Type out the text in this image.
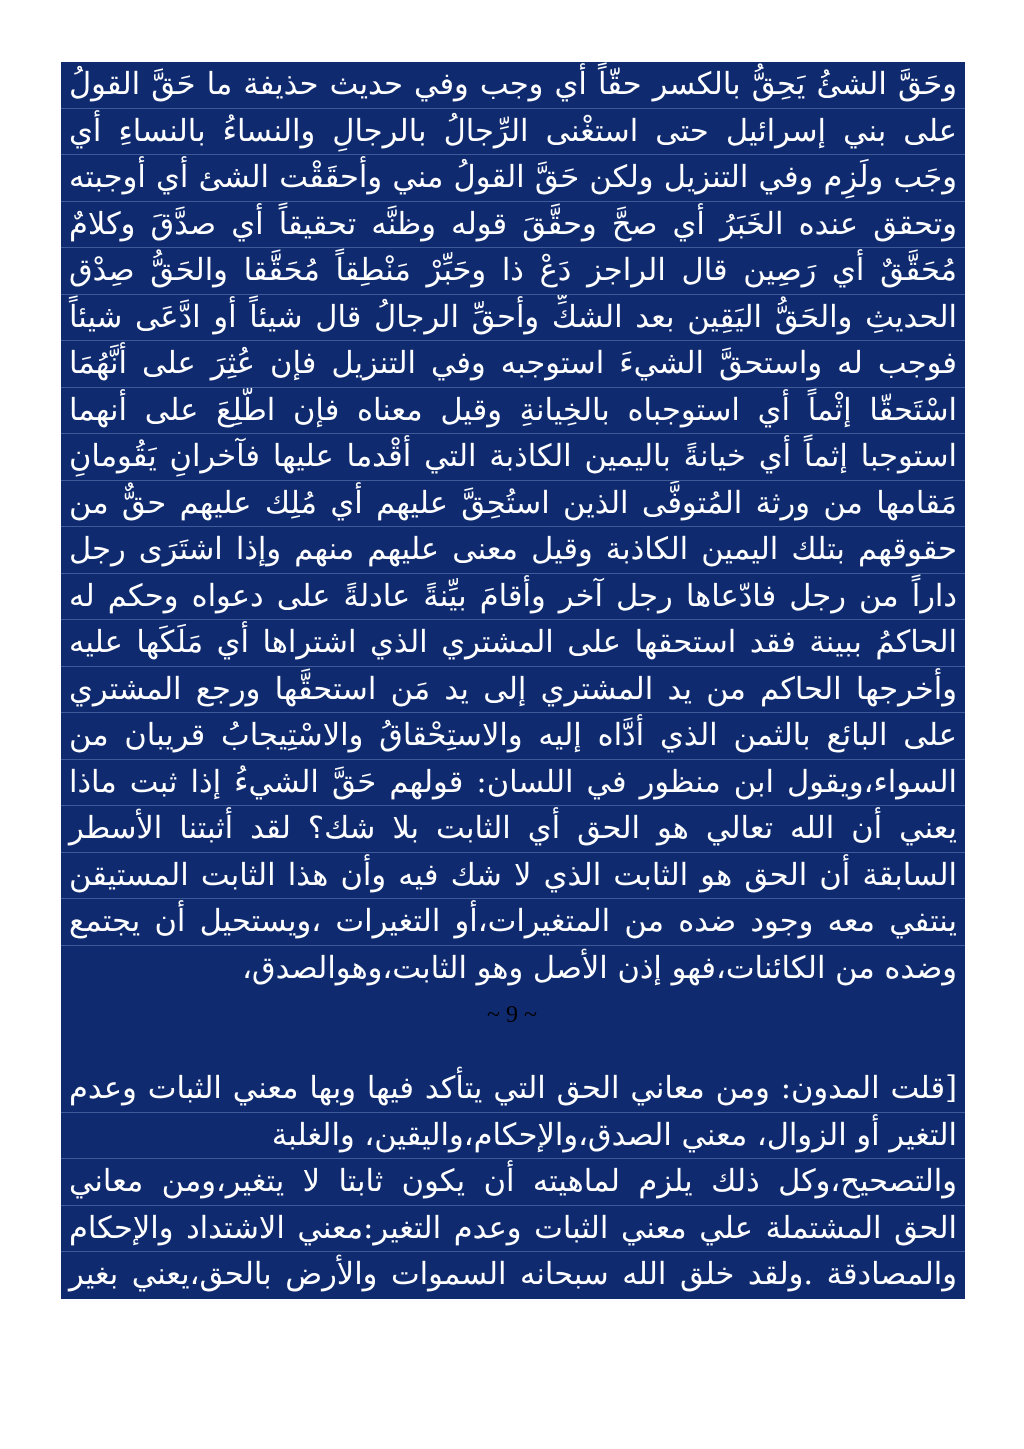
وحَقَّ الشئُ يَحِقُّ بالكسر حقّاً أي وجب وفي حديث حذيفة ما حَقَّ القولُ
على بني إسرائيل حتى استغْنى الرِّجالُ بالرجالِ والنساءُ بالنساءِ أي
وجَب ولَزِم وفي التنزيل ولكن حَقَّ القولُ مني وأحقَقْت الشئ أي أوجبته
وتحقق عنده الخَبَرُ أي صحَّ وحقَّقَ قوله وظنَّه تحقيقاً أي صدَّقَ وكلامٌ
مُحَقَّقٌ أي رَصِين قال الراجز دَعْ ذا وحَبِّرْ مَنْطِقاً مُحَقَّقا والحَقُّ صِدْق
الحديثِ والحَقُّ اليَقِين بعد الشكِّ وأحقِّ الرجالُ قال شيئاً أو ادَّعَى شيئاً
فوجب له واستحقَّ الشيءَ استوجبه وفي التنزيل فإن عُثِرَ على أنَّهُمَا
اسْتَحقّا إثْماً أي استوجباه بالخِيانةِ وقيل معناه فإن اطُّلِعَ على أنهما
استوجبا إثماً أي خيانةً باليمين الكاذبة التي أقْدما عليها فآخرانِ يَقُومانِ
مَقامها من ورثة المُتوفَّى الذين استُحِقَّ عليهم أي مُلِك عليهم حقٌّ من
حقوقهم بتلك اليمين الكاذبة وقيل معنى عليهم منهم وإذا اشتَرَى رجل
داراً من رجل فادّعاها رجل آخر وأقامَ بيِّنةً عادلةً على دعواه وحكم له
الحاكمُ ببينة فقد استحقها على المشتري الذي اشتراها أي مَلَكَها عليه
وأخرجها الحاكم من يد المشتري إلى يد مَن استحقَّها ورجع المشتري
على البائع بالثمن الذي أدَّاه إليه والاستِحْقاقُ والاسْتِيجابُ قريبان من
السواء،ويقول ابن منظور في اللسان: قولهم حَقَّ الشيءُ إذا ثبت ماذا
يعني أن الله تعالي هو الحق أي الثابت بلا شك؟ لقد أثبتنا الأسطر
السابقة أن الحق هو الثابت الذي لا شك فيه وأن هذا الثابت المستيقن
ينتفي معه وجود ضده من المتغيرات،أو التغيرات ،ويستحيل أن يجتمع
وضده من الكائنات،فهو إذن الأصل وهو الثابت،وهوالصدق،
[قلت المدون: ومن معاني الحق التي يتأكد فيها وبها معني الثبات وعدم
التغير أو الزوال، معني الصدق،والإحكام،واليقين، والغلبة
والتصحيح،وكل ذلك يلزم لماهيته أن يكون ثابتا لا يتغير،ومن معاني
الحق المشتملة علي معني الثبات وعدم التغير:معني الاشتداد والإحكام
والمصادقة .ولقد خلق الله سبحانه السموات والأرض بالحق،يعني بغير
~ 9 ~
